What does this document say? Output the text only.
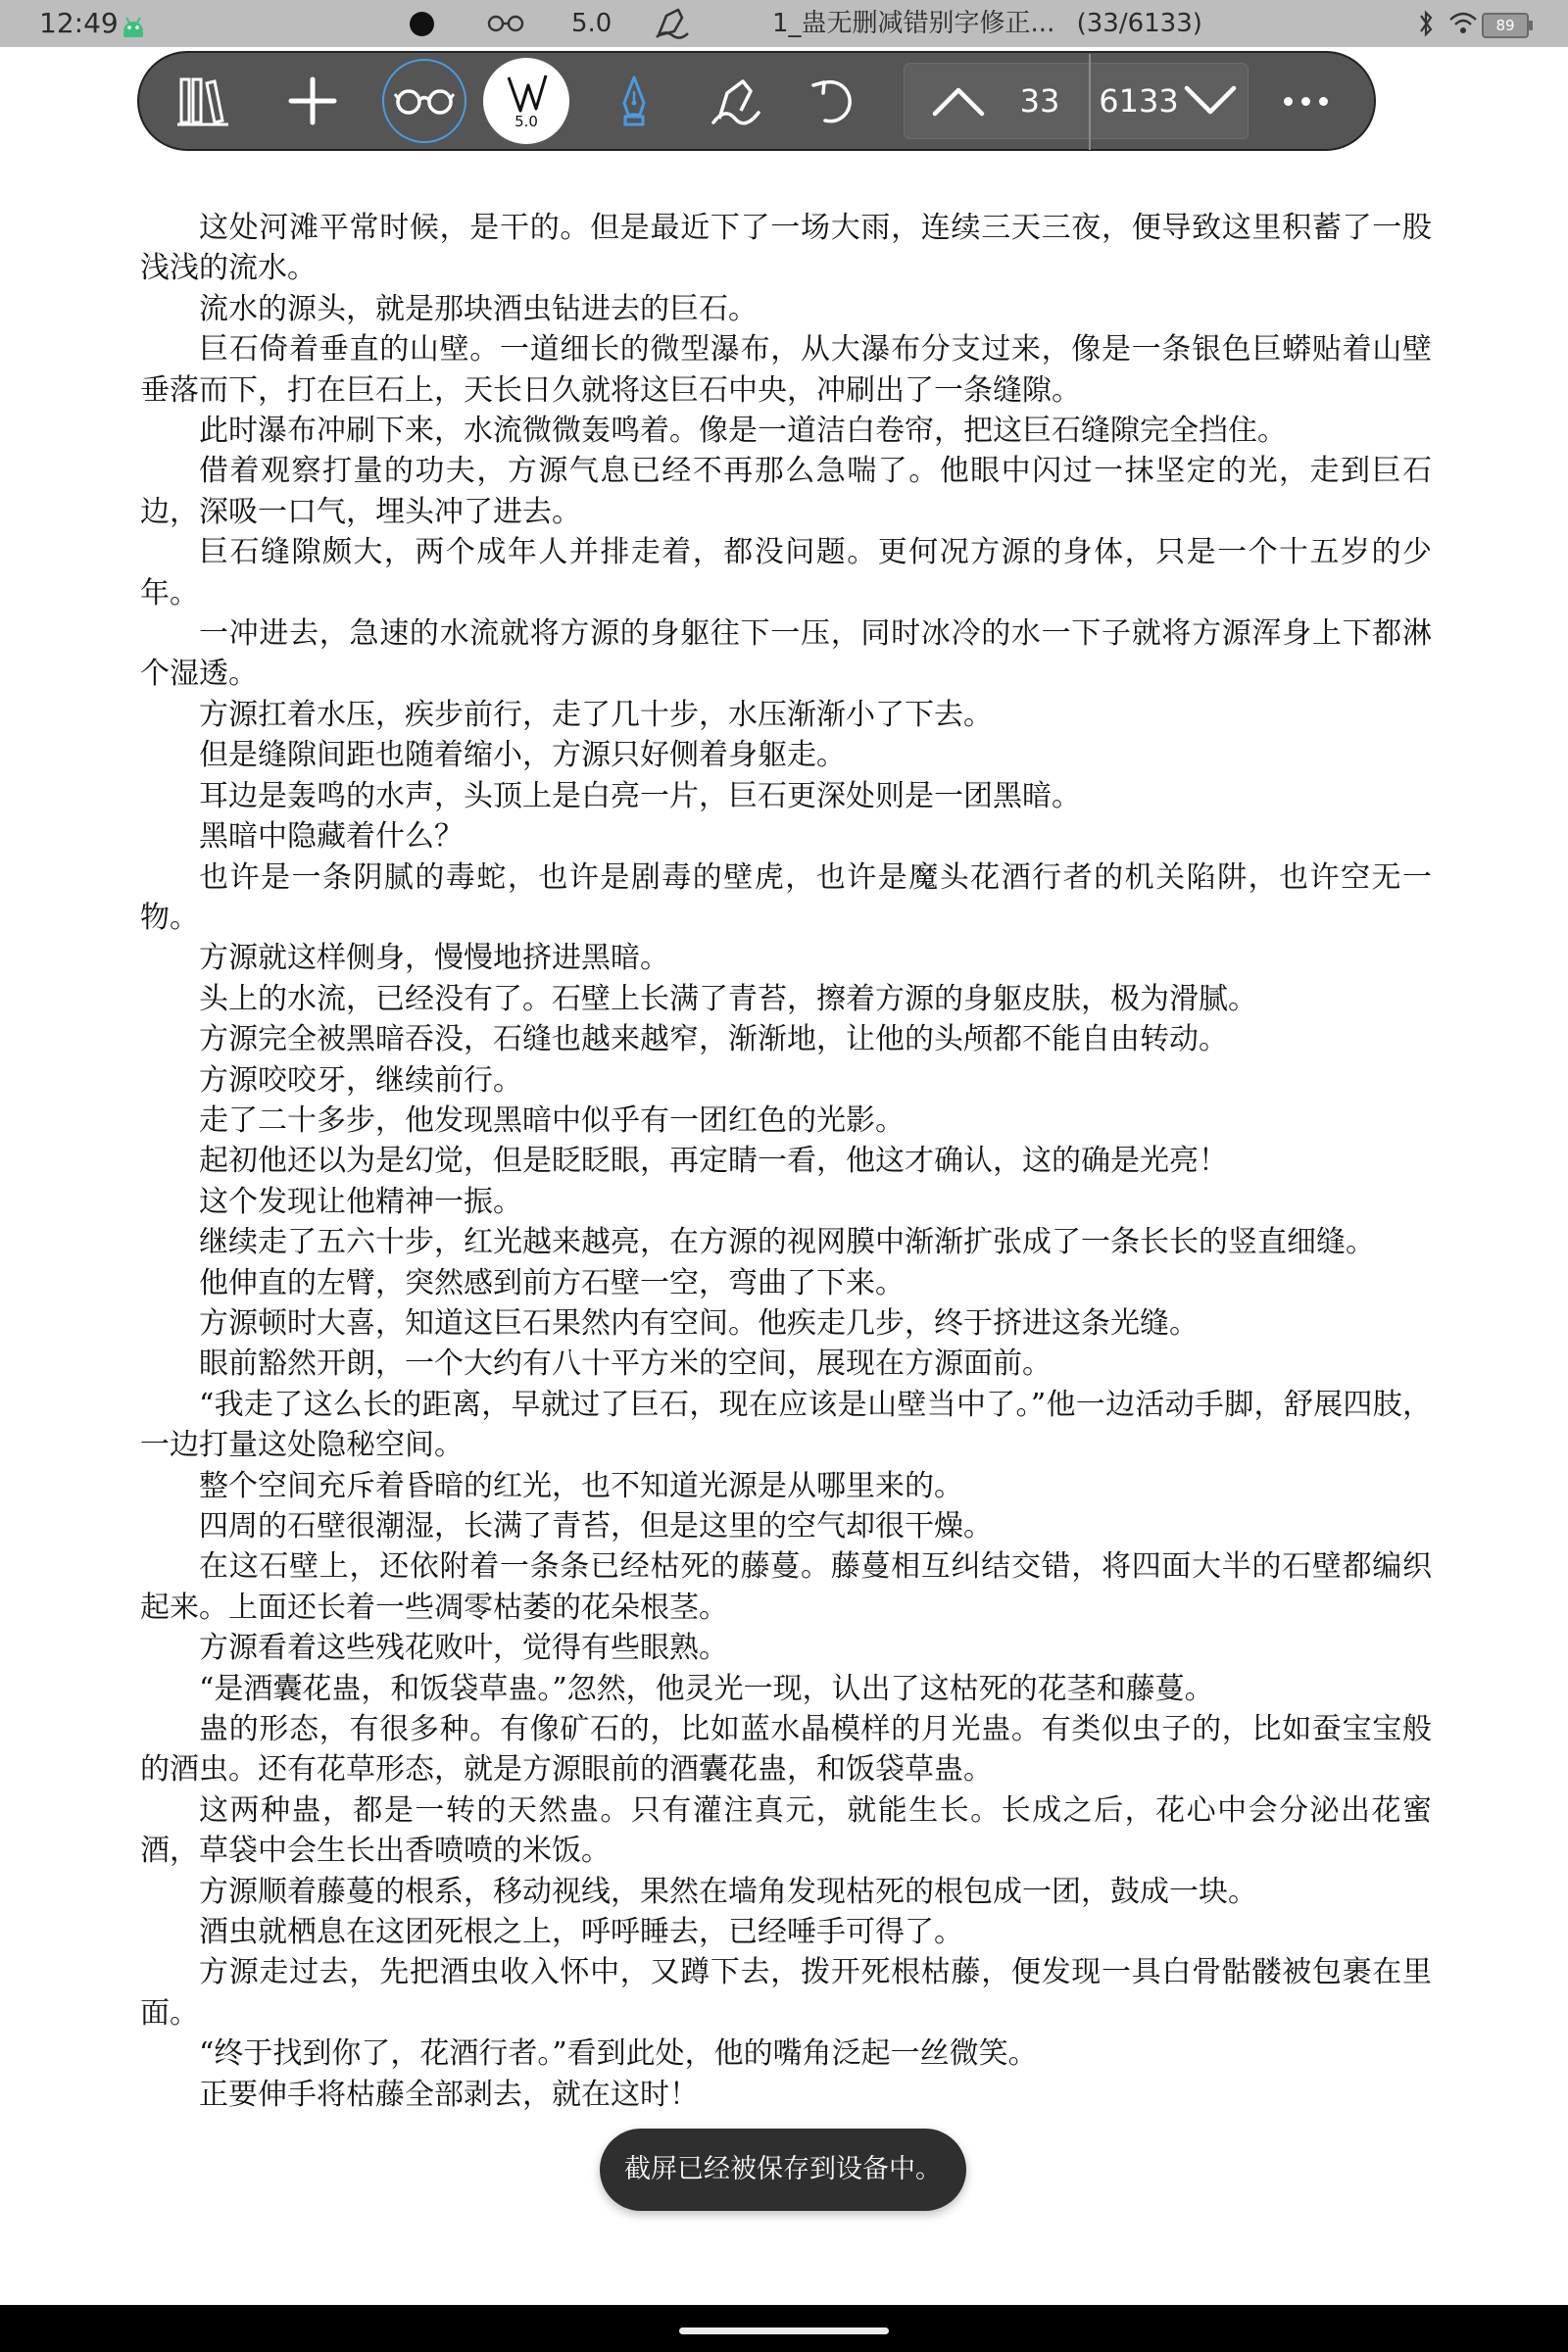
12:49	5.0	1_蛊无删减错别字修正... (33/6133)	89
5.0
33	6133

这处河滩平常时候，是干的。但是最近下了一场大雨，连续三天三夜，便导致这里积蓄了一股浅浅的流水。

流水的源头，就是那块酒虫钻进去的巨石。

巨石倚着垂直的山壁。一道细长的微型瀑布，从大瀑布分支过来，像是一条银色巨蟒贴着山壁垂落而下，打在巨石上，天长日久就将这巨石中央，冲刷出了一条缝隙。

此时瀑布冲刷下来，水流微微轰鸣着。像是一道洁白卷帘，把这巨石缝隙完全挡住。

借着观察打量的功夫，方源气息已经不再那么急喘了。他眼中闪过一抹坚定的光，走到巨石边，深吸一口气，埋头冲了进去。

巨石缝隙颇大，两个成年人并排走着，都没问题。更何况方源的身体，只是一个十五岁的少年。

一冲进去，急速的水流就将方源的身躯往下一压，同时冰冷的水一下子就将方源浑身上下都淋个湿透。

方源扛着水压，疾步前行，走了几十步，水压渐渐小了下去。

但是缝隙间距也随着缩小，方源只好侧着身躯走。

耳边是轰鸣的水声，头顶上是白亮一片，巨石更深处则是一团黑暗。

黑暗中隐藏着什么？

也许是一条阴腻的毒蛇，也许是剧毒的壁虎，也许是魔头花酒行者的机关陷阱，也许空无一物。

方源就这样侧身，慢慢地挤进黑暗。

头上的水流，已经没有了。石壁上长满了青苔，擦着方源的身躯皮肤，极为滑腻。

方源完全被黑暗吞没，石缝也越来越窄，渐渐地，让他的头颅都不能自由转动。

方源咬咬牙，继续前行。

走了二十多步，他发现黑暗中似乎有一团红色的光影。

起初他还以为是幻觉，但是眨眨眼，再定睛一看，他这才确认，这的确是光亮！

这个发现让他精神一振。

继续走了五六十步，红光越来越亮，在方源的视网膜中渐渐扩张成了一条长长的竖直细缝。

他伸直的左臂，突然感到前方石壁一空，弯曲了下来。

方源顿时大喜，知道这巨石果然内有空间。他疾走几步，终于挤进这条光缝。

眼前豁然开朗，一个大约有八十平方米的空间，展现在方源面前。

“我走了这么长的距离，早就过了巨石，现在应该是山壁当中了。”他一边活动手脚，舒展四肢，一边打量这处隐秘空间。

整个空间充斥着昏暗的红光，也不知道光源是从哪里来的。

四周的石壁很潮湿，长满了青苔，但是这里的空气却很干燥。

在这石壁上，还依附着一条条已经枯死的藤蔓。藤蔓相互纠结交错，将四面大半的石壁都编织起来。上面还长着一些凋零枯萎的花朵根茎。

方源看着这些残花败叶，觉得有些眼熟。

“是酒囊花蛊，和饭袋草蛊。”忽然，他灵光一现，认出了这枯死的花茎和藤蔓。

蛊的形态，有很多种。有像矿石的，比如蓝水晶模样的月光蛊。有类似虫子的，比如蚕宝宝般的酒虫。还有花草形态，就是方源眼前的酒囊花蛊，和饭袋草蛊。

这两种蛊，都是一转的天然蛊。只有灌注真元，就能生长。长成之后，花心中会分泌出花蜜酒，草袋中会生长出香喷喷的米饭。

方源顺着藤蔓的根系，移动视线，果然在墙角发现枯死的根包成一团，鼓成一块。

酒虫就栖息在这团死根之上，呼呼睡去，已经唾手可得了。

方源走过去，先把酒虫收入怀中，又蹲下去，拨开死根枯藤，便发现一具白骨骷髅被包裹在里面。

“终于找到你了，花酒行者。”看到此处，他的嘴角泛起一丝微笑。

正要伸手将枯藤全部剥去，就在这时！

截屏已经被保存到设备中。
